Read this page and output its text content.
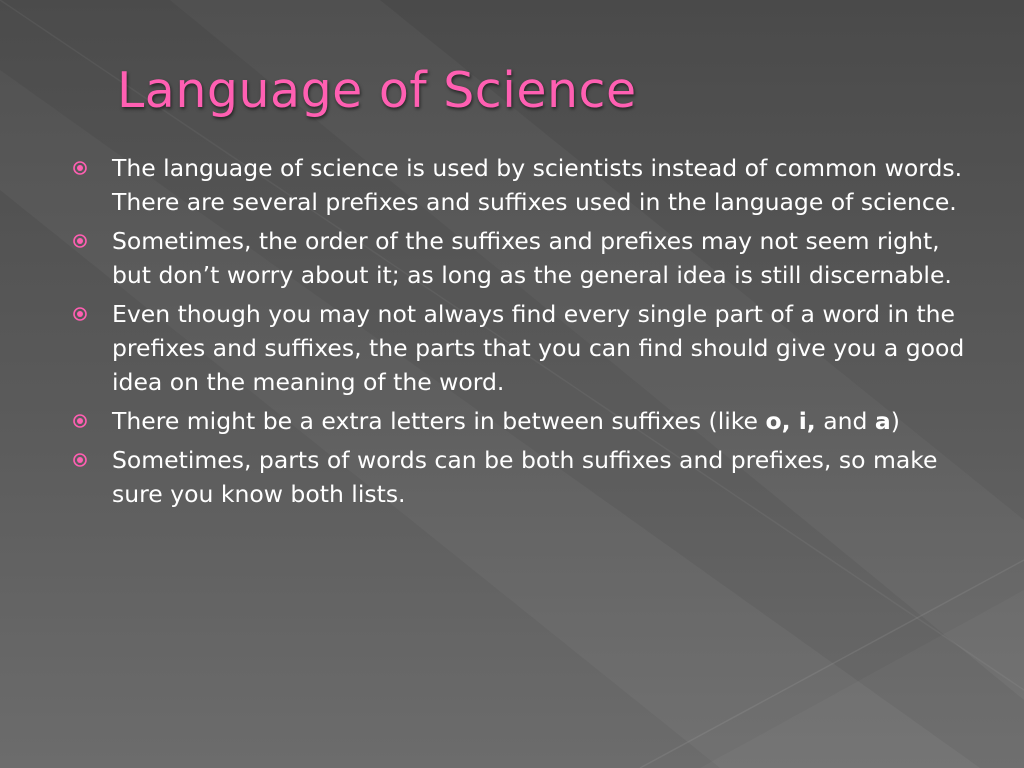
Language of Science
The language of science is used by scientists instead of common words. There are several prefixes and suffixes used in the language of science.
Sometimes, the order of the suffixes and prefixes may not seem right, but don’t worry about it; as long as the general idea is still discernable.
Even though you may not always find every single part of a word in the prefixes and suffixes, the parts that you can find should give you a good idea on the meaning of the word.
There might be a extra letters in between suffixes (like o, i, and a)
Sometimes, parts of words can be both suffixes and prefixes, so make sure you know both lists.
